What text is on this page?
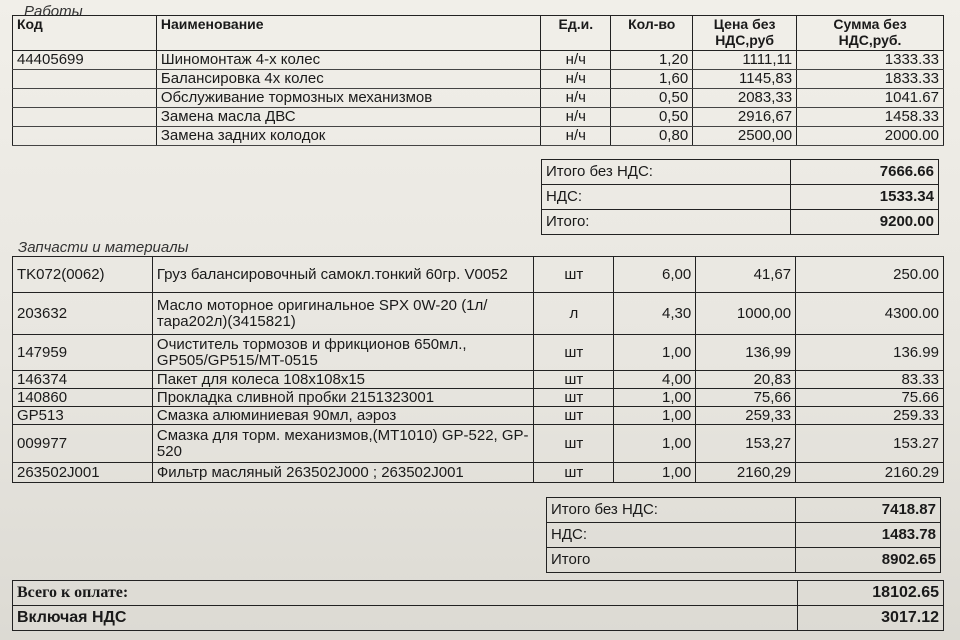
Работы
Код	Наименование	Ед.и.	Кол-во	Цена без НДС,руб	Сумма без НДС,руб.
44405699	Шиномонтаж 4-х колес	н/ч	1,20	1111,11	1333.33
	Балансировка 4х колес	н/ч	1,60	1145,83	1833.33
	Обслуживание тормозных механизмов	н/ч	0,50	2083,33	1041.67
	Замена масла ДВС	н/ч	0,50	2916,67	1458.33
	Замена задних колодок	н/ч	0,80	2500,00	2000.00
Итого без НДС:	7666.66
НДС:	1533.34
Итого:	9200.00
Запчасти и материалы
TK072(0062)	Груз балансировочный самокл.тонкий 60гр. V0052	шт	6,00	41,67	250.00
203632	Масло моторное оригинальное SPX 0W-20 (1л/тара202л)(3415821)	л	4,30	1000,00	4300.00
147959	Очиститель тормозов и фрикционов 650мл., GP505/GP515/MT-0515	шт	1,00	136,99	136.99
146374	Пакет для колеса 108x108x15	шт	4,00	20,83	83.33
140860	Прокладка сливной пробки 2151323001	шт	1,00	75,66	75.66
GP513	Смазка алюминиевая 90мл, аэроз	шт	1,00	259,33	259.33
009977	Смазка для торм. механизмов,(MT1010) GP-522, GP-520	шт	1,00	153,27	153.27
263502J001	Фильтр масляный 263502J000 ; 263502J001	шт	1,00	2160,29	2160.29
Итого без НДС:	7418.87
НДС:	1483.78
Итого	8902.65
Всего к оплате:	18102.65
Включая НДС	3017.12
